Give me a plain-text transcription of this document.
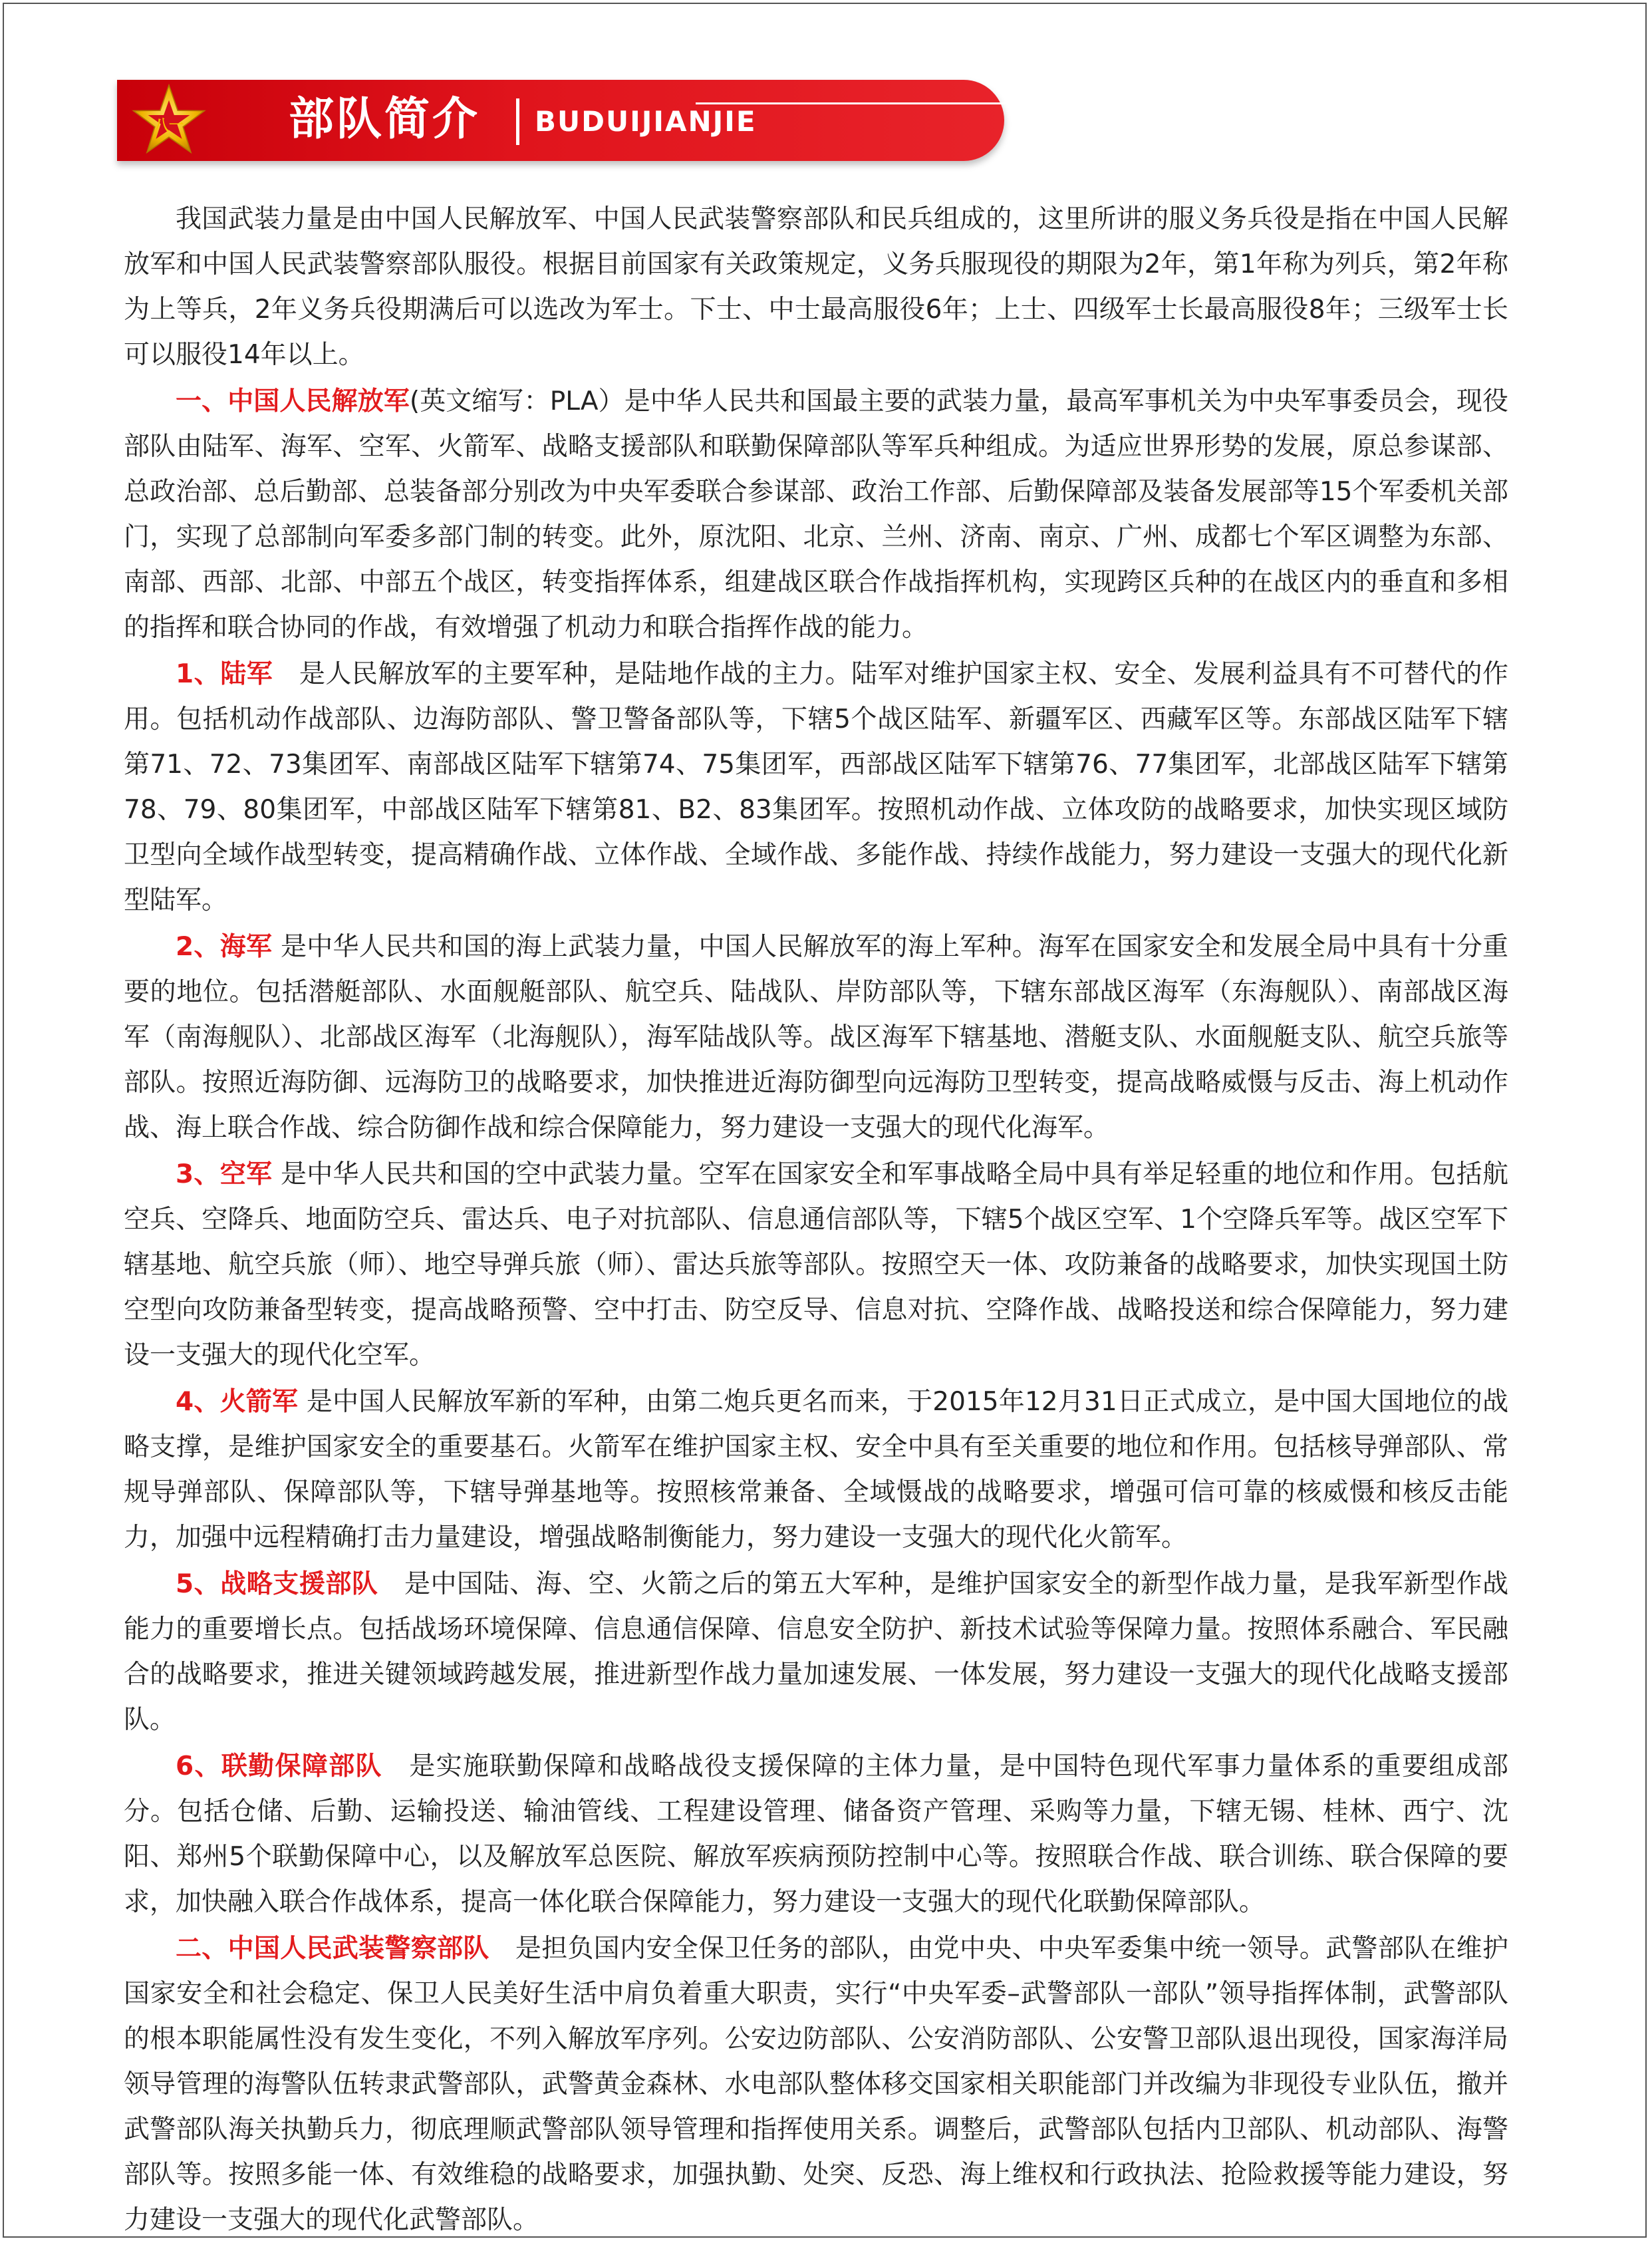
八一 部队简介 BUDUIJIANJIE

我国武装力量是由中国人民解放军、中国人民武装警察部队和民兵组成的，这里所讲的服义务兵役是指在中国人民解放军和中国人民武装警察部队服役。根据目前国家有关政策规定，义务兵服现役的期限为2年，第1年称为列兵，第2年称为上等兵，2年义务兵役期满后可以选改为军士。下士、中士最高服役6年；上士、四级军士长最高服役8年；三级军士长可以服役14年以上。

一、中国人民解放军(英文缩写：PLA）是中华人民共和国最主要的武装力量，最高军事机关为中央军事委员会，现役部队由陆军、海军、空军、火箭军、战略支援部队和联勤保障部队等军兵种组成。为适应世界形势的发展，原总参谋部、总政治部、总后勤部、总装备部分别改为中央军委联合参谋部、政治工作部、后勤保障部及装备发展部等15个军委机关部门，实现了总部制向军委多部门制的转变。此外，原沈阳、北京、兰州、济南、南京、广州、成都七个军区调整为东部、南部、西部、北部、中部五个战区，转变指挥体系，组建战区联合作战指挥机构，实现跨区兵种的在战区内的垂直和多相的指挥和联合协同的作战，有效增强了机动力和联合指挥作战的能力。

1、陆军　是人民解放军的主要军种，是陆地作战的主力。陆军对维护国家主权、安全、发展利益具有不可替代的作用。包括机动作战部队、边海防部队、警卫警备部队等，下辖5个战区陆军、新疆军区、西藏军区等。东部战区陆军下辖第71、72、73集团军、南部战区陆军下辖第74、75集团军，西部战区陆军下辖第76、77集团军，北部战区陆军下辖第78、79、80集团军，中部战区陆军下辖第81、B2、83集团军。按照机动作战、立体攻防的战略要求，加快实现区域防卫型向全域作战型转变，提高精确作战、立体作战、全域作战、多能作战、持续作战能力，努力建设一支强大的现代化新型陆军。

2、海军 是中华人民共和国的海上武装力量，中国人民解放军的海上军种。海军在国家安全和发展全局中具有十分重要的地位。包括潜艇部队、水面舰艇部队、航空兵、陆战队、岸防部队等，下辖东部战区海军（东海舰队）、南部战区海军（南海舰队）、北部战区海军（北海舰队），海军陆战队等。战区海军下辖基地、潜艇支队、水面舰艇支队、航空兵旅等部队。按照近海防御、远海防卫的战略要求，加快推进近海防御型向远海防卫型转变，提高战略威慑与反击、海上机动作战、海上联合作战、综合防御作战和综合保障能力，努力建设一支强大的现代化海军。

3、空军 是中华人民共和国的空中武装力量。空军在国家安全和军事战略全局中具有举足轻重的地位和作用。包括航空兵、空降兵、地面防空兵、雷达兵、电子对抗部队、信息通信部队等，下辖5个战区空军、1个空降兵军等。战区空军下辖基地、航空兵旅（师）、地空导弹兵旅（师）、雷达兵旅等部队。按照空天一体、攻防兼备的战略要求，加快实现国土防空型向攻防兼备型转变，提高战略预警、空中打击、防空反导、信息对抗、空降作战、战略投送和综合保障能力，努力建设一支强大的现代化空军。

4、火箭军 是中国人民解放军新的军种，由第二炮兵更名而来，于2015年12月31日正式成立，是中国大国地位的战略支撑，是维护国家安全的重要基石。火箭军在维护国家主权、安全中具有至关重要的地位和作用。包括核导弹部队、常规导弹部队、保障部队等，下辖导弹基地等。按照核常兼备、全域慑战的战略要求，增强可信可靠的核威慑和核反击能力，加强中远程精确打击力量建设，增强战略制衡能力，努力建设一支强大的现代化火箭军。

5、战略支援部队　是中国陆、海、空、火箭之后的第五大军种，是维护国家安全的新型作战力量，是我军新型作战能力的重要增长点。包括战场环境保障、信息通信保障、信息安全防护、新技术试验等保障力量。按照体系融合、军民融合的战略要求，推进关键领域跨越发展，推进新型作战力量加速发展、一体发展，努力建设一支强大的现代化战略支援部队。

6、联勤保障部队　是实施联勤保障和战略战役支援保障的主体力量，是中国特色现代军事力量体系的重要组成部分。包括仓储、后勤、运输投送、输油管线、工程建设管理、储备资产管理、采购等力量，下辖无锡、桂林、西宁、沈阳、郑州5个联勤保障中心，以及解放军总医院、解放军疾病预防控制中心等。按照联合作战、联合训练、联合保障的要求，加快融入联合作战体系，提高一体化联合保障能力，努力建设一支强大的现代化联勤保障部队。

二、中国人民武装警察部队　是担负国内安全保卫任务的部队，由党中央、中央军委集中统一领导。武警部队在维护国家安全和社会稳定、保卫人民美好生活中肩负着重大职责，实行“中央军委–武警部队一部队”领导指挥体制，武警部队的根本职能属性没有发生变化，不列入解放军序列。公安边防部队、公安消防部队、公安警卫部队退出现役，国家海洋局领导管理的海警队伍转隶武警部队，武警黄金森林、水电部队整体移交国家相关职能部门并改编为非现役专业队伍，撤并武警部队海关执勤兵力，彻底理顺武警部队领导管理和指挥使用关系。调整后，武警部队包括内卫部队、机动部队、海警部队等。按照多能一体、有效维稳的战略要求，加强执勤、处突、反恐、海上维权和行政执法、抢险救援等能力建设，努力建设一支强大的现代化武警部队。
